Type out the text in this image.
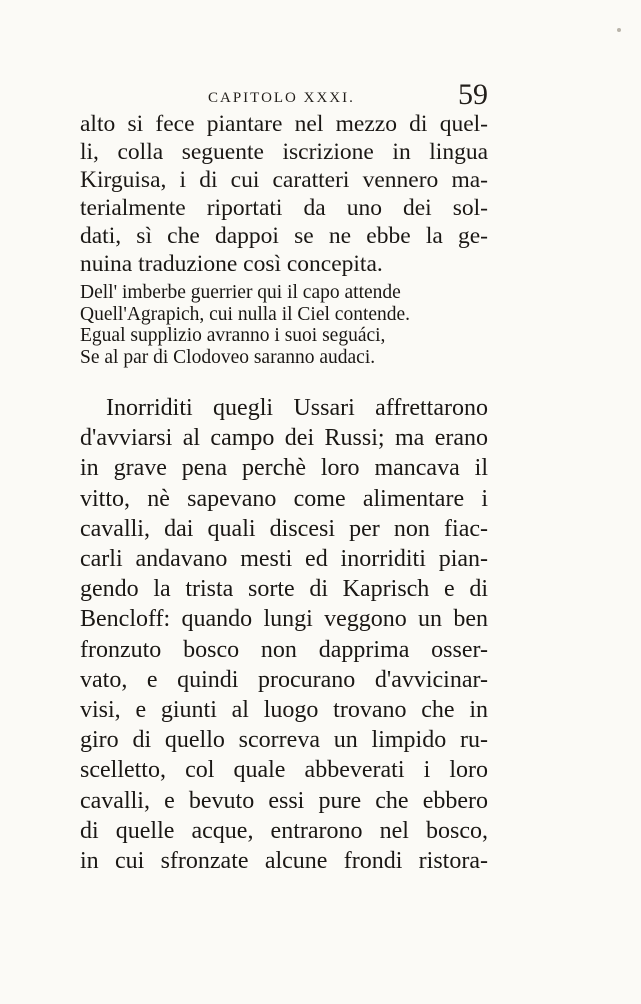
CAPITOLO XXXI.	59
alto si fece piantare nel mezzo di quel-
li, colla seguente iscrizione in lingua
Kirguisa, i di cui caratteri vennero ma-
terialmente riportati da uno dei sol-
dati, sì che dappoi se ne ebbe la ge-
nuina traduzione così concepita.
Dell' imberbe guerrier qui il capo attende
Quell'Agrapich, cui nulla il Ciel contende.
Egual supplizio avranno i suoi seguáci,
Se al par di Clodoveo saranno audaci.
Inorriditi quegli Ussari affrettarono
d'avviarsi al campo dei Russi; ma erano
in grave pena perchè loro mancava il
vitto, nè sapevano come alimentare i
cavalli, dai quali discesi per non fiac-
carli andavano mesti ed inorriditi pian-
gendo la trista sorte di Kaprisch e di
Bencloff: quando lungi veggono un ben
fronzuto bosco non dapprima osser-
vato, e quindi procurano d'avvicinar-
visi, e giunti al luogo trovano che in
giro di quello scorreva un limpido ru-
scelletto, col quale abbeverati i loro
cavalli, e bevuto essi pure che ebbero
di quelle acque, entrarono nel bosco,
in cui sfronzate alcune frondi ristora-
